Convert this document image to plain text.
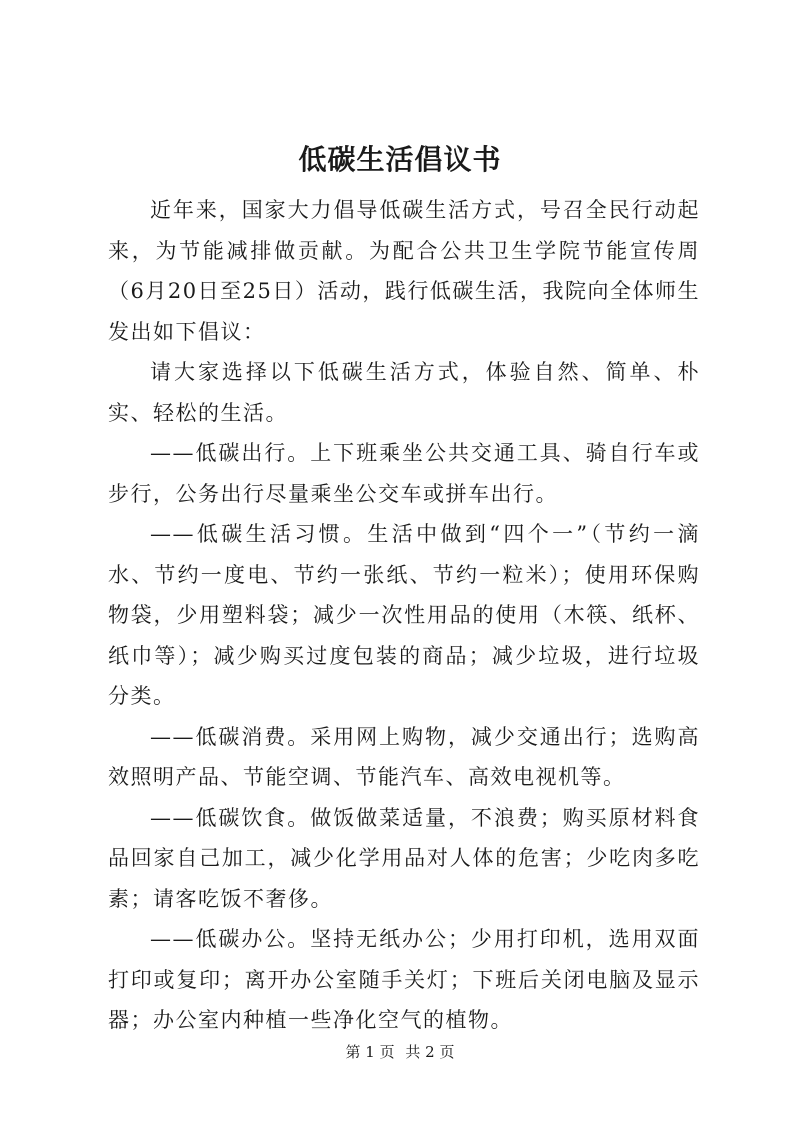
低碳生活倡议书

近年来，国家大力倡导低碳生活方式，号召全民行动起来，为节能减排做贡献。为配合公共卫生学院节能宣传周（6月20日至25日）活动，践行低碳生活，我院向全体师生发出如下倡议：

请大家选择以下低碳生活方式，体验自然、简单、朴实、轻松的生活。

——低碳出行。上下班乘坐公共交通工具、骑自行车或步行，公务出行尽量乘坐公交车或拼车出行。

——低碳生活习惯。生活中做到“四个一”（节约一滴水、节约一度电、节约一张纸、节约一粒米）；使用环保购物袋，少用塑料袋；减少一次性用品的使用（木筷、纸杯、纸巾等）；减少购买过度包装的商品；减少垃圾，进行垃圾分类。

——低碳消费。采用网上购物，减少交通出行；选购高效照明产品、节能空调、节能汽车、高效电视机等。

——低碳饮食。做饭做菜适量，不浪费；购买原材料食品回家自己加工，减少化学用品对人体的危害；少吃肉多吃素；请客吃饭不奢侈。

——低碳办公。坚持无纸办公；少用打印机，选用双面打印或复印；离开办公室随手关灯；下班后关闭电脑及显示器；办公室内种植一些净化空气的植物。

第 1 页 共 2 页
